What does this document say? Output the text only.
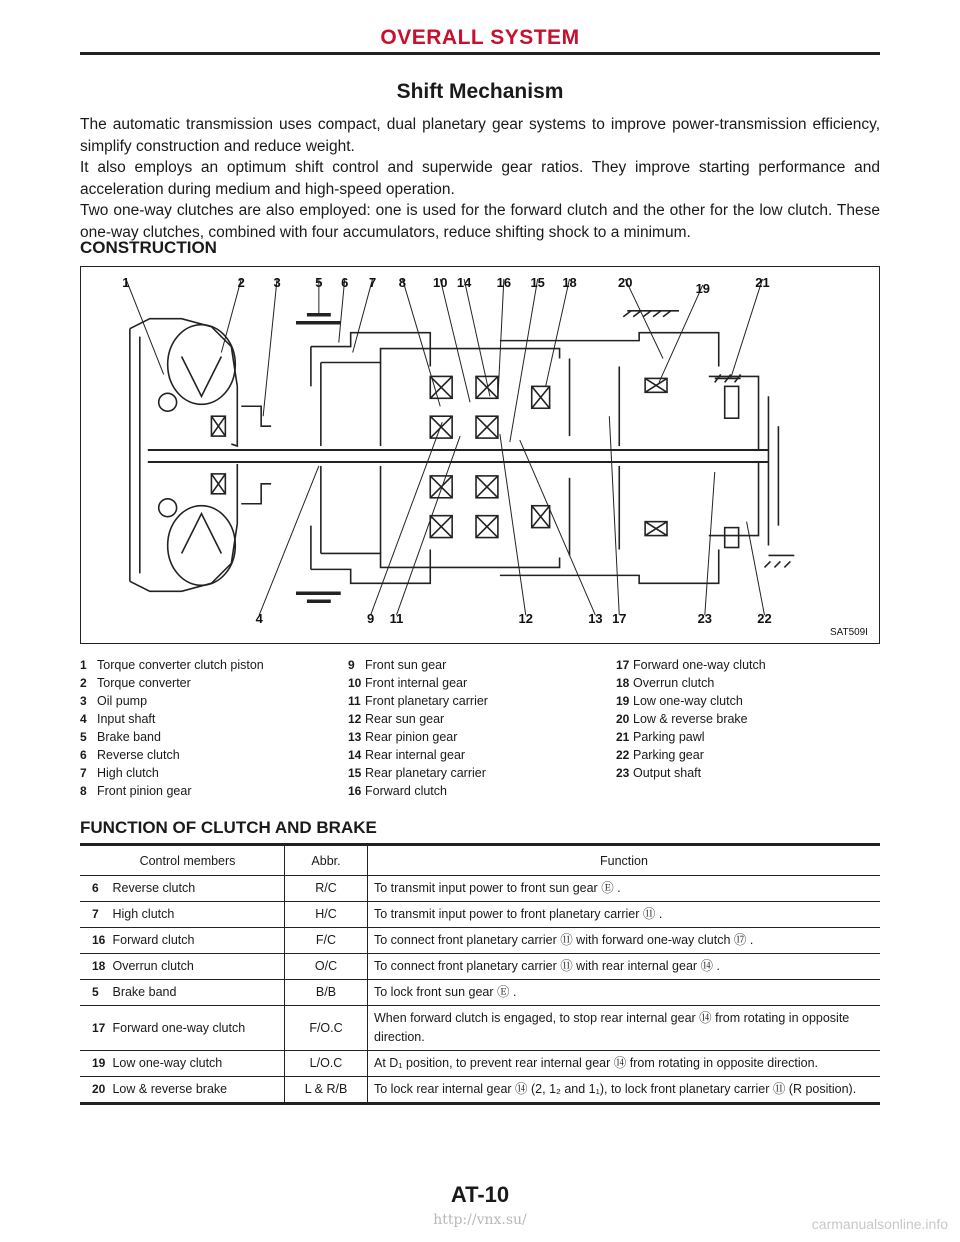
OVERALL SYSTEM
Shift Mechanism

The automatic transmission uses compact, dual planetary gear systems to improve power-transmission efficiency, simplify construction and reduce weight.

It also employs an optimum shift control and superwide gear ratios. They improve starting performance and acceleration during medium and high-speed operation.

Two one-way clutches are also employed: one is used for the forward clutch and the other for the low clutch. These one-way clutches, combined with four accumulators, reduce shifting shock to a minimum.

CONSTRUCTION
1	2 3	5 6 7 8 10 14 16 15 18	20	19	21
4	9 11	12	13 17	23	22
SAT509I
1 Torque converter clutch piston
2 Torque converter
3 Oil pump
4 Input shaft
5 Brake band
6 Reverse clutch
7 High clutch
8 Front pinion gear
9 Front sun gear
10 Front internal gear
11 Front planetary carrier
12 Rear sun gear
13 Rear pinion gear
14 Rear internal gear
15 Rear planetary carrier
16 Forward clutch
17 Forward one-way clutch
18 Overrun clutch
19 Low one-way clutch
20 Low & reverse brake
21 Parking pawl
22 Parking gear
23 Output shaft
FUNCTION OF CLUTCH AND BRAKE
Control members	Abbr.	Function
6 Reverse clutch	R/C	To transmit input power to front sun gear Ⓔ .
7 High clutch	H/C	To transmit input power to front planetary carrier ⑪ .
16 Forward clutch	F/C	To connect front planetary carrier ⑪ with forward one-way clutch ⑰ .
18 Overrun clutch	O/C	To connect front planetary carrier ⑪ with rear internal gear ⑭ .
5 Brake band	B/B	To lock front sun gear Ⓔ .
17 Forward one-way clutch	F/O.C	When forward clutch is engaged, to stop rear internal gear ⑭ from rotating in opposite direction.
19 Low one-way clutch	L/O.C	At D₁ position, to prevent rear internal gear ⑭ from rotating in opposite direction.
20 Low & reverse brake	L & R/B	To lock rear internal gear ⑭ (2, 1₂ and 1₁), to lock front planetary carrier ⑪ (R position).
AT-10
http://vnx.su/	carmanualsonline.info
